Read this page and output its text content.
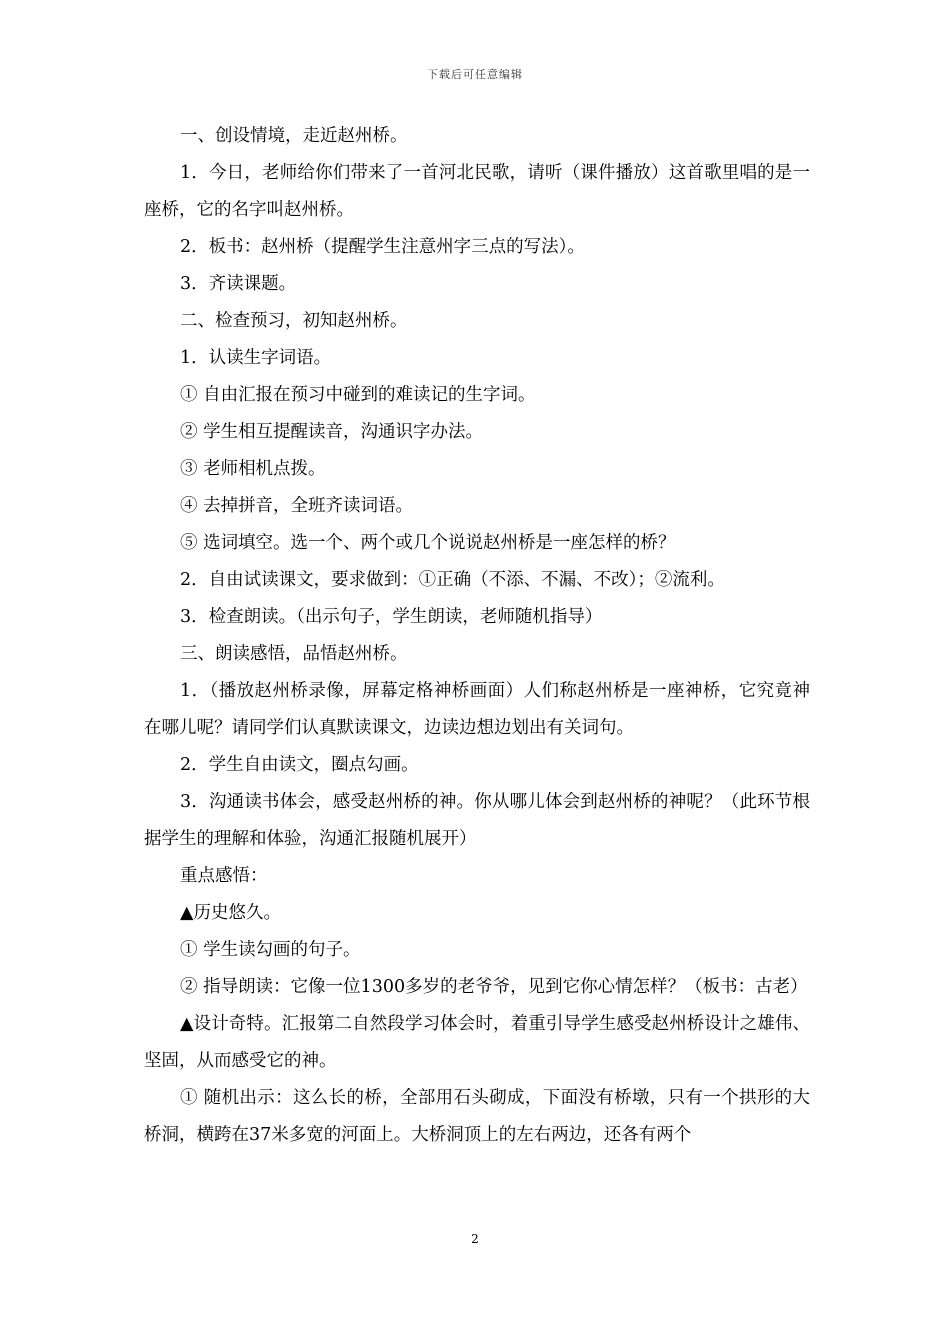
下载后可任意编辑

一、创设情境，走近赵州桥。

1．今日，老师给你们带来了一首河北民歌，请听（课件播放）这首歌里唱的是一座桥，它的名字叫赵州桥。

2．板书：赵州桥（提醒学生注意州字三点的写法）。

3．齐读课题。

二、检查预习，初知赵州桥。

1．认读生字词语。

① 自由汇报在预习中碰到的难读记的生字词。

② 学生相互提醒读音，沟通识字办法。

③ 老师相机点拨。

④ 去掉拼音，全班齐读词语。

⑤ 选词填空。选一个、两个或几个说说赵州桥是一座怎样的桥？

2．自由试读课文，要求做到：①正确（不添、不漏、不改）；②流利。

3．检查朗读。（出示句子，学生朗读，老师随机指导）

三、朗读感悟，品悟赵州桥。

1．（播放赵州桥录像，屏幕定格神桥画面）人们称赵州桥是一座神桥，它究竟神在哪儿呢？请同学们认真默读课文，边读边想边划出有关词句。

2．学生自由读文，圈点勾画。

3．沟通读书体会，感受赵州桥的神。你从哪儿体会到赵州桥的神呢？（此环节根据学生的理解和体验，沟通汇报随机展开）

重点感悟：

▲历史悠久。

① 学生读勾画的句子。

② 指导朗读：它像一位1300多岁的老爷爷，见到它你心情怎样？（板书：古老）

▲设计奇特。汇报第二自然段学习体会时，着重引导学生感受赵州桥设计之雄伟、坚固，从而感受它的神。

① 随机出示：这么长的桥，全部用石头砌成，下面没有桥墩，只有一个拱形的大桥洞，横跨在37米多宽的河面上。大桥洞顶上的左右两边，还各有两个

2
